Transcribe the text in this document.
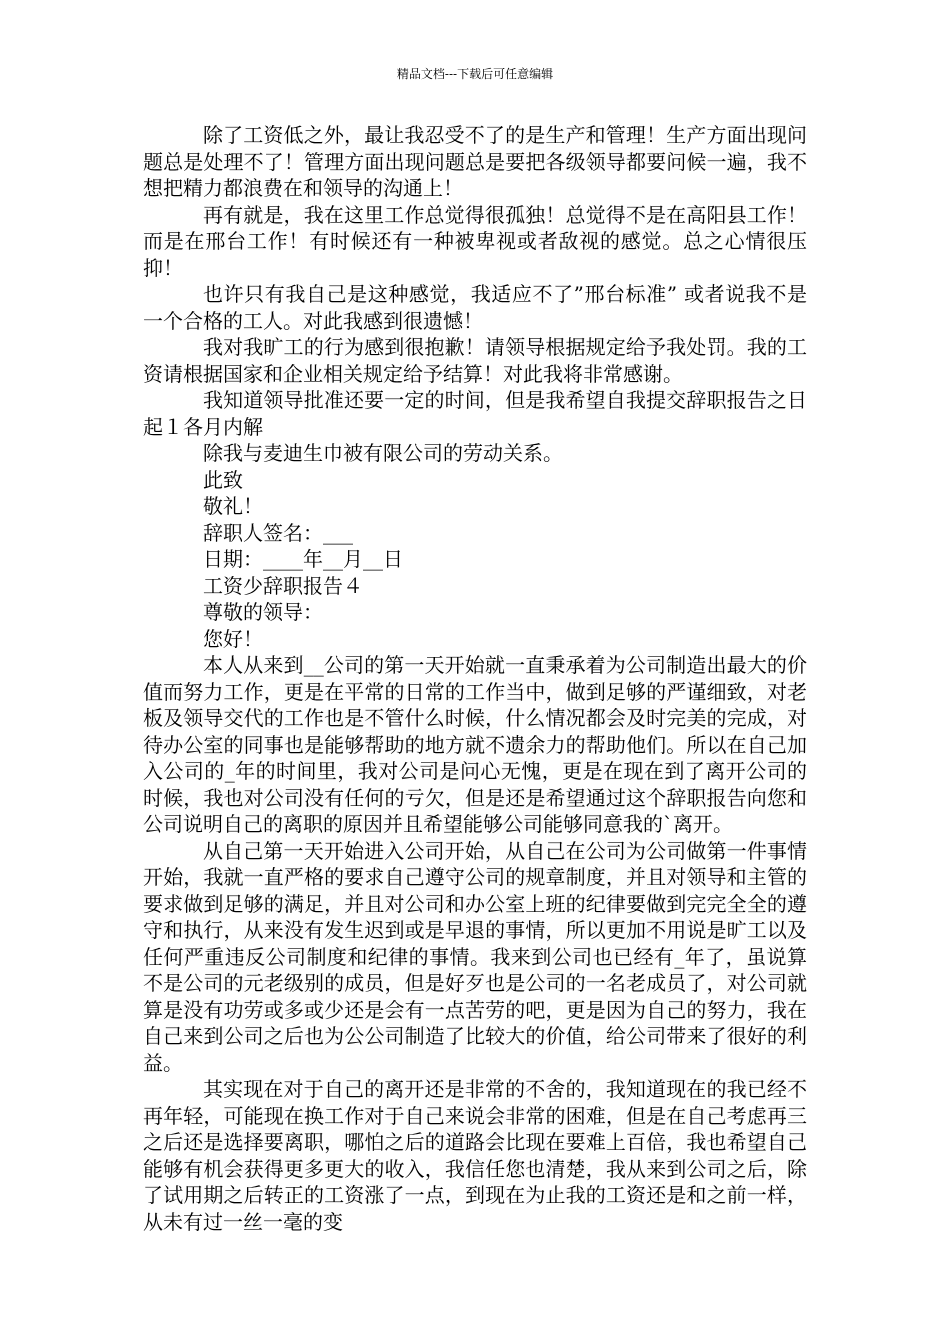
精品文档---下载后可任意编辑

除了工资低之外，最让我忍受不了的是生产和管理！生产方面出现问题总是处理不了！管理方面出现问题总是要把各级领导都要问候一遍，我不想把精力都浪费在和领导的沟通上！

再有就是，我在这里工作总觉得很孤独！总觉得不是在高阳县工作！而是在邢台工作！有时候还有一种被卑视或者敌视的感觉。总之心情很压抑！

也许只有我自己是这种感觉，我适应不了”邢台标准” 或者说我不是一个合格的工人。对此我感到很遗憾！

我对我旷工的行为感到很抱歉！请领导根据规定给予我处罚。我的工资请根据国家和企业相关规定给予结算！对此我将非常感谢。

我知道领导批准还要一定的时间，但是我希望自我提交辞职报告之日起１各月内解

除我与麦迪生巾被有限公司的劳动关系。

此致

敬礼！

辞职人签名：___

日期：____年__月__日

工资少辞职报告４

尊敬的领导：

您好！

本人从来到__公司的第一天开始就一直秉承着为公司制造出最大的价值而努力工作，更是在平常的日常的工作当中，做到足够的严谨细致，对老板及领导交代的工作也是不管什么时候，什么情况都会及时完美的完成，对待办公室的同事也是能够帮助的地方就不遗余力的帮助他们。所以在自己加入公司的_年的时间里，我对公司是问心无愧，更是在现在到了离开公司的时候，我也对公司没有任何的亏欠，但是还是希望通过这个辞职报告向您和公司说明自己的离职的原因并且希望能够公司能够同意我的`离开。

从自己第一天开始进入公司开始，从自己在公司为公司做第一件事情开始，我就一直严格的要求自己遵守公司的规章制度，并且对领导和主管的要求做到足够的满足，并且对公司和办公室上班的纪律要做到完完全全的遵守和执行，从来没有发生迟到或是早退的事情，所以更加不用说是旷工以及任何严重违反公司制度和纪律的事情。我来到公司也已经有_年了，虽说算不是公司的元老级别的成员，但是好歹也是公司的一名老成员了，对公司就算是没有功劳或多或少还是会有一点苦劳的吧，更是因为自己的努力，我在自己来到公司之后也为公公司制造了比较大的价值，给公司带来了很好的利益。

其实现在对于自己的离开还是非常的不舍的，我知道现在的我已经不再年轻，可能现在换工作对于自己来说会非常的困难，但是在自己考虑再三之后还是选择要离职，哪怕之后的道路会比现在要难上百倍，我也希望自己能够有机会获得更多更大的收入，我信任您也清楚，我从来到公司之后，除了试用期之后转正的工资涨了一点，到现在为止我的工资还是和之前一样，从未有过一丝一毫的变
